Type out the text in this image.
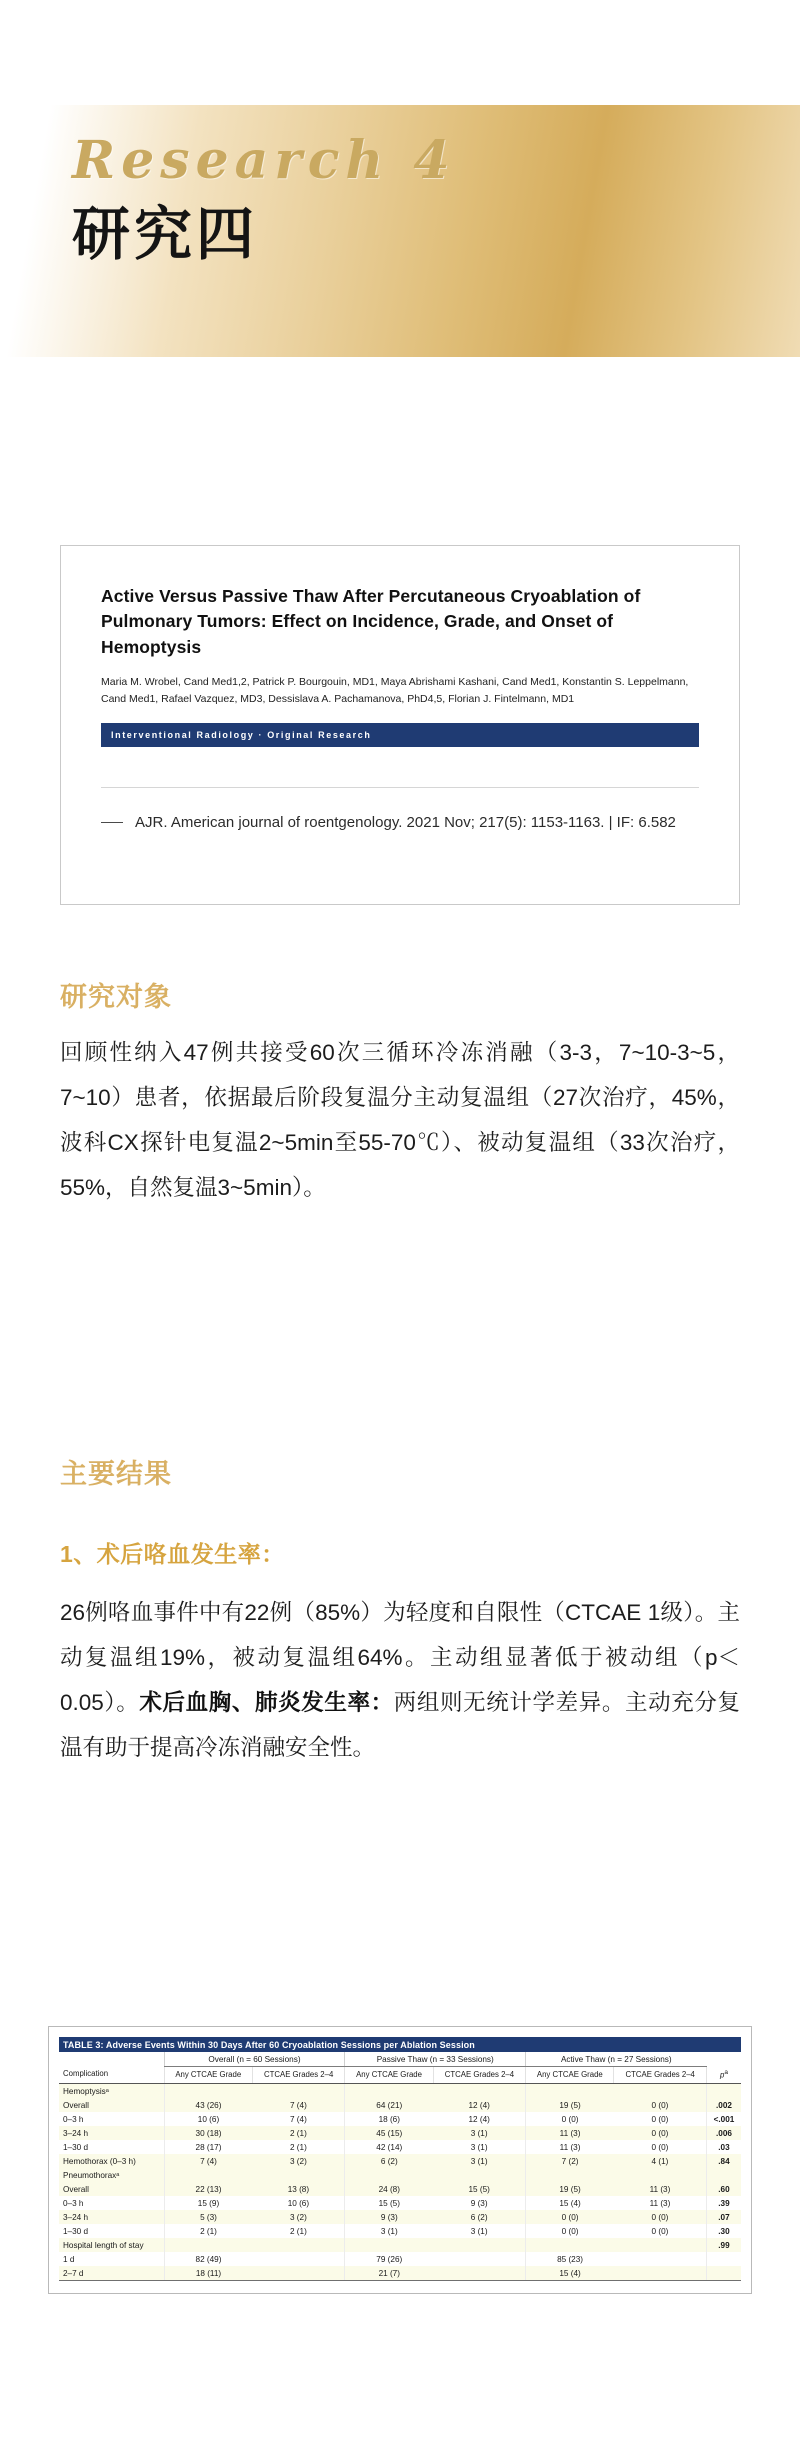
Research 4
研究四
Active Versus Passive Thaw After Percutaneous Cryoablation of Pulmonary Tumors: Effect on Incidence, Grade, and Onset of Hemoptysis
Maria M. Wrobel, Cand Med1,2, Patrick P. Bourgouin, MD1, Maya Abrishami Kashani, Cand Med1, Konstantin S. Leppelmann, Cand Med1, Rafael Vazquez, MD3, Dessislava A. Pachamanova, PhD4,5, Florian J. Fintelmann, MD1
Interventional Radiology · Original Research
AJR. American journal of roentgenology. 2021 Nov; 217(5): 1153-1163. | IF: 6.582
研究对象
回顾性纳入47例共接受60次三循环冷冻消融（3-3，7~10-3~5，7~10）患者，依据最后阶段复温分主动复温组（27次治疗，45%，波科CX探针电复温2~5min至55-70℃）、被动复温组（33次治疗，55%，自然复温3~5min）。
主要结果
1、术后咯血发生率：
26例咯血事件中有22例（85%）为轻度和自限性（CTCAE 1级）。主动复温组19%，被动复温组64%。主动组显著低于被动组（p＜0.05）。术后血胸、肺炎发生率：两组则无统计学差异。主动充分复温有助于提高冷冻消融安全性。
TABLE 3: Adverse Events Within 30 Days After 60 Cryoablation Sessions per Ablation Session							
	Overall (n = 60 Sessions)		Passive Thaw (n = 33 Sessions)		Active Thaw (n = 27 Sessions)		
Complication	Any CTCAE Grade	CTCAE Grades 2–4	Any CTCAE Grade	CTCAE Grades 2–4	Any CTCAE Grade	CTCAE Grades 2–4	$p^a$
Hemoptysisᵃ							
Overall	43 (26)	7 (4)	64 (21)	12 (4)	19 (5)	0 (0)	.002
0–3 h	10 (6)	7 (4)	18 (6)	12 (4)	0 (0)	0 (0)	<.001
3–24 h	30 (18)	2 (1)	45 (15)	3 (1)	11 (3)	0 (0)	.006
1–30 d	28 (17)	2 (1)	42 (14)	3 (1)	11 (3)	0 (0)	.03
Hemothorax (0–3 h)	7 (4)	3 (2)	6 (2)	3 (1)	7 (2)	4 (1)	.84
Pneumothoraxᵃ							
Overall	22 (13)	13 (8)	24 (8)	15 (5)	19 (5)	11 (3)	.60
0–3 h	15 (9)	10 (6)	15 (5)	9 (3)	15 (4)	11 (3)	.39
3–24 h	5 (3)	3 (2)	9 (3)	6 (2)	0 (0)	0 (0)	.07
1–30 d	2 (1)	2 (1)	3 (1)	3 (1)	0 (0)	0 (0)	.30
Hospital length of stay							.99
1 d	82 (49)		79 (26)		85 (23)		
2–7 d	18 (11)		21 (7)		15 (4)		
